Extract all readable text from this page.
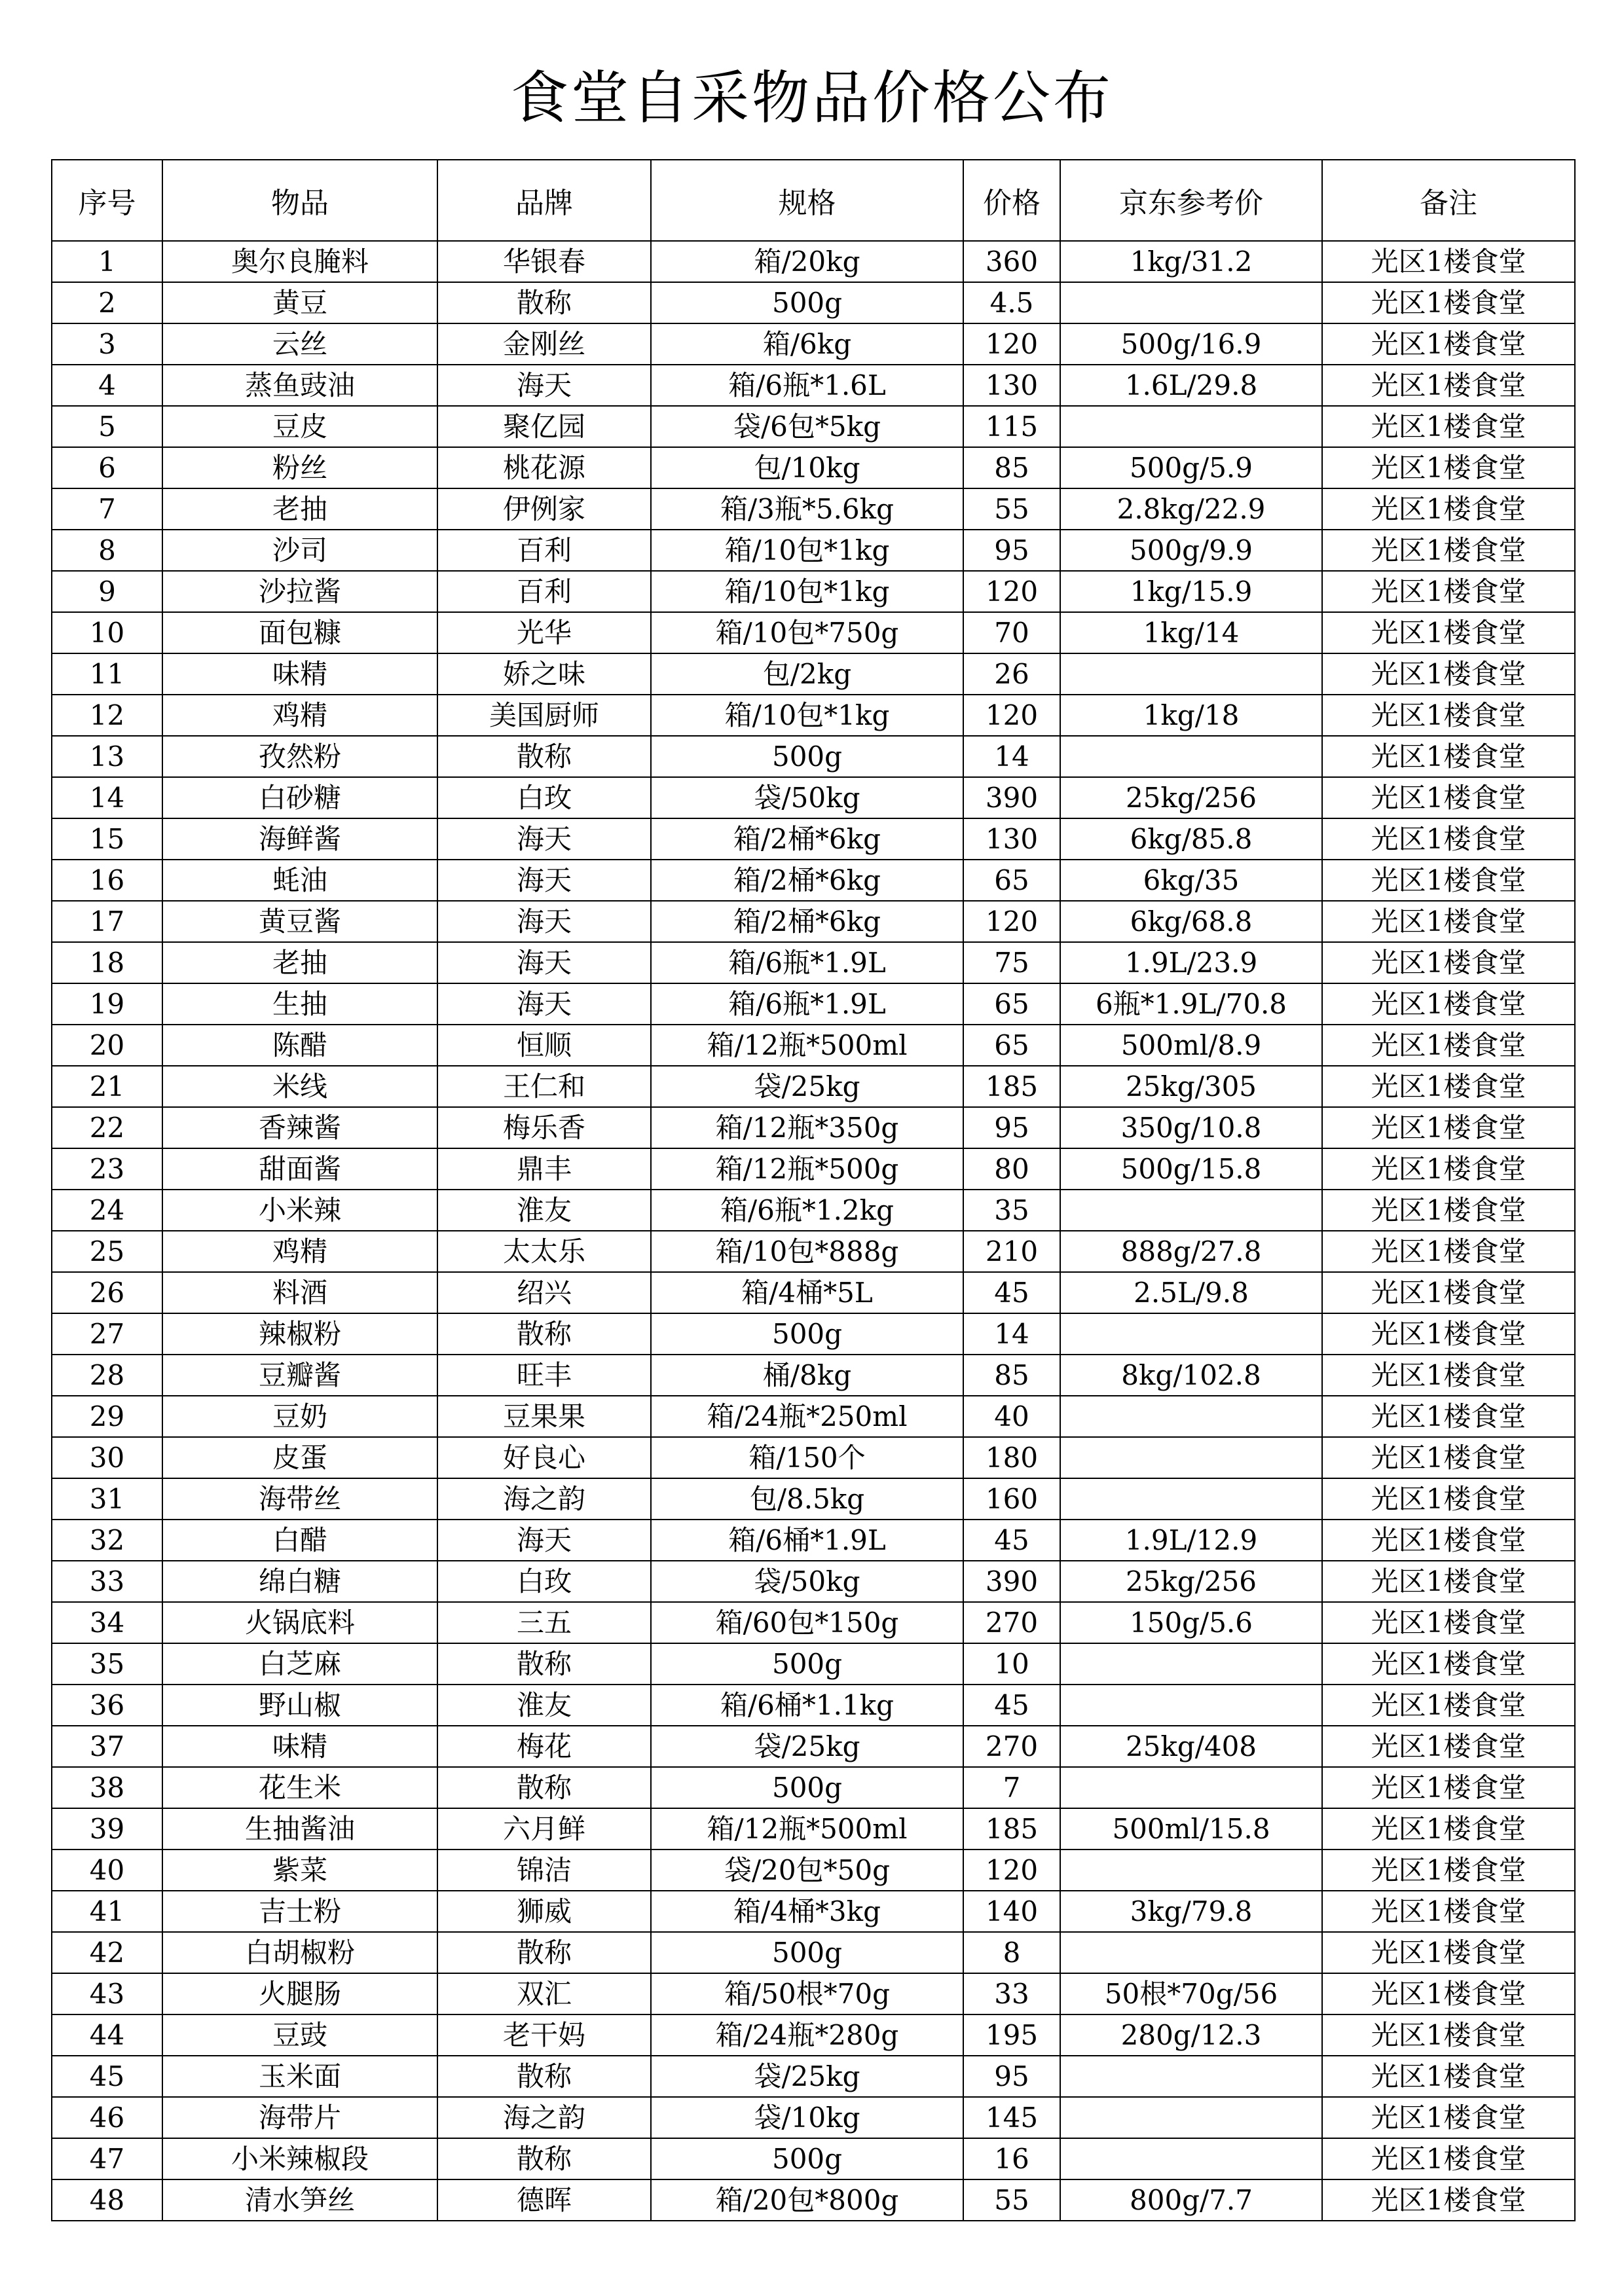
食堂自采物品价格公布
序号	物品	品牌	规格	价格	京东参考价	备注
1	奥尔良腌料	华银春	箱/20kg	360	1kg/31.2	光区1楼食堂
2	黄豆	散称	500g	4.5		光区1楼食堂
3	云丝	金刚丝	箱/6kg	120	500g/16.9	光区1楼食堂
4	蒸鱼豉油	海天	箱/6瓶*1.6L	130	1.6L/29.8	光区1楼食堂
5	豆皮	聚亿园	袋/6包*5kg	115		光区1楼食堂
6	粉丝	桃花源	包/10kg	85	500g/5.9	光区1楼食堂
7	老抽	伊例家	箱/3瓶*5.6kg	55	2.8kg/22.9	光区1楼食堂
8	沙司	百利	箱/10包*1kg	95	500g/9.9	光区1楼食堂
9	沙拉酱	百利	箱/10包*1kg	120	1kg/15.9	光区1楼食堂
10	面包糠	光华	箱/10包*750g	70	1kg/14	光区1楼食堂
11	味精	娇之味	包/2kg	26		光区1楼食堂
12	鸡精	美国厨师	箱/10包*1kg	120	1kg/18	光区1楼食堂
13	孜然粉	散称	500g	14		光区1楼食堂
14	白砂糖	白玫	袋/50kg	390	25kg/256	光区1楼食堂
15	海鲜酱	海天	箱/2桶*6kg	130	6kg/85.8	光区1楼食堂
16	蚝油	海天	箱/2桶*6kg	65	6kg/35	光区1楼食堂
17	黄豆酱	海天	箱/2桶*6kg	120	6kg/68.8	光区1楼食堂
18	老抽	海天	箱/6瓶*1.9L	75	1.9L/23.9	光区1楼食堂
19	生抽	海天	箱/6瓶*1.9L	65	6瓶*1.9L/70.8	光区1楼食堂
20	陈醋	恒顺	箱/12瓶*500ml	65	500ml/8.9	光区1楼食堂
21	米线	王仁和	袋/25kg	185	25kg/305	光区1楼食堂
22	香辣酱	梅乐香	箱/12瓶*350g	95	350g/10.8	光区1楼食堂
23	甜面酱	鼎丰	箱/12瓶*500g	80	500g/15.8	光区1楼食堂
24	小米辣	淮友	箱/6瓶*1.2kg	35		光区1楼食堂
25	鸡精	太太乐	箱/10包*888g	210	888g/27.8	光区1楼食堂
26	料酒	绍兴	箱/4桶*5L	45	2.5L/9.8	光区1楼食堂
27	辣椒粉	散称	500g	14		光区1楼食堂
28	豆瓣酱	旺丰	桶/8kg	85	8kg/102.8	光区1楼食堂
29	豆奶	豆果果	箱/24瓶*250ml	40		光区1楼食堂
30	皮蛋	好良心	箱/150个	180		光区1楼食堂
31	海带丝	海之韵	包/8.5kg	160		光区1楼食堂
32	白醋	海天	箱/6桶*1.9L	45	1.9L/12.9	光区1楼食堂
33	绵白糖	白玫	袋/50kg	390	25kg/256	光区1楼食堂
34	火锅底料	三五	箱/60包*150g	270	150g/5.6	光区1楼食堂
35	白芝麻	散称	500g	10		光区1楼食堂
36	野山椒	淮友	箱/6桶*1.1kg	45		光区1楼食堂
37	味精	梅花	袋/25kg	270	25kg/408	光区1楼食堂
38	花生米	散称	500g	7		光区1楼食堂
39	生抽酱油	六月鲜	箱/12瓶*500ml	185	500ml/15.8	光区1楼食堂
40	紫菜	锦洁	袋/20包*50g	120		光区1楼食堂
41	吉士粉	狮威	箱/4桶*3kg	140	3kg/79.8	光区1楼食堂
42	白胡椒粉	散称	500g	8		光区1楼食堂
43	火腿肠	双汇	箱/50根*70g	33	50根*70g/56	光区1楼食堂
44	豆豉	老干妈	箱/24瓶*280g	195	280g/12.3	光区1楼食堂
45	玉米面	散称	袋/25kg	95		光区1楼食堂
46	海带片	海之韵	袋/10kg	145		光区1楼食堂
47	小米辣椒段	散称	500g	16		光区1楼食堂
48	清水笋丝	德晖	箱/20包*800g	55	800g/7.7	光区1楼食堂
